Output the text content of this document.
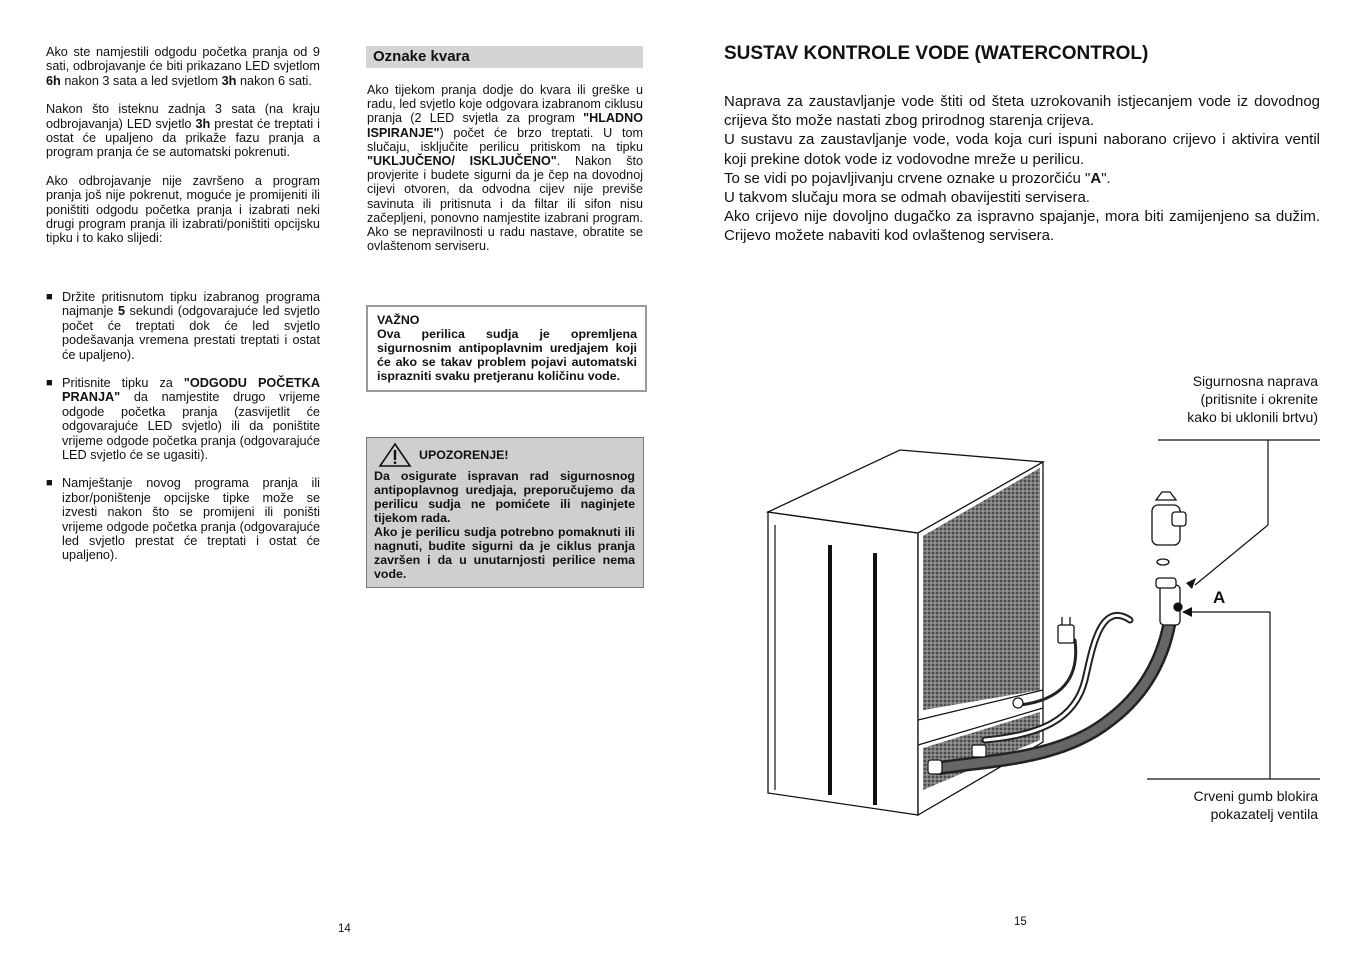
Ako ste namjestili odgodu početka pranja od 9 sati, odbrojavanje će biti prikazano LED svjetlom 6h nakon 3 sata a led svjetlom 3h nakon 6 sati.

Nakon što isteknu zadnja 3 sata (na kraju odbrojavanja) LED svjetlo 3h prestat će treptati i ostat će upaljeno da prikaže fazu pranja a program pranja će se automatski pokrenuti.

Ako odbrojavanje nije završeno a program pranja još nije pokrenut, moguće je promijeniti ili poništiti odgodu početka pranja i izabrati neki drugi program pranja ili izabrati/poništiti opcijsku tipku i to kako slijedi:

■ Držite pritisnutom tipku izabranog programa najmanje 5 sekundi (odgovarajuće led svjetlo počet će treptati dok će led svjetlo podešavanja vremena prestati treptati i ostat će upaljeno).
■ Pritisnite tipku za "ODGODU POČETKA PRANJA" da namjestite drugo vrijeme odgode početka pranja (zasvijetlit će odgovarajuće LED svjetlo) ili da poništite vrijeme odgode početka pranja (odgovarajuće LED svjetlo će se ugasiti).
■ Namještanje novog programa pranja ili izbor/poništenje opcijske tipke može se izvesti nakon što se promijeni ili poništi vrijeme odgode početka pranja (odgovarajuće led svjetlo prestat će treptati i ostat će upaljeno).
Oznake kvara
Ako tijekom pranja dodje do kvara ili greške u radu, led svjetlo koje odgovara izabranom ciklusu pranja (2 LED svjetla za program "HLADNO ISPIRANJE") počet će brzo treptati. U tom slučaju, isključite perilicu pritiskom na tipku "UKLJUČENO/ ISKLJUČENO". Nakon što provjerite i budete sigurni da je čep na dovodnoj cijevi otvoren, da odvodna cijev nije previše savinuta ili pritisnuta i da filtar ili sifon nisu začepljeni, ponovno namjestite izabrani program. Ako se nepravilnosti u radu nastave, obratite se ovlaštenom serviseru.
VAŽNO
Ova perilica sudja je opremljena sigurnosnim antipoplavnim uredjajem koji će ako se takav problem pojavi automatski isprazniti svaku pretjeranu količinu vode.
UPOZORENJE!
Da osigurate ispravan rad sigurnosnog antipoplavnog uredjaja, preporučujemo da perilicu sudja ne pomićete ili naginjete tijekom rada.
Ako je perilicu sudja potrebno pomaknuti ili nagnuti, budite sigurni da je ciklus pranja završen i da u unutarnjosti perilice nema vode.
14
SUSTAV KONTROLE VODE (WATERCONTROL)

Naprava za zaustavljanje vode štiti od šteta uzrokovanih istjecanjem vode iz dovodnog crijeva što može nastati zbog prirodnog starenja crijeva.

U sustavu za zaustavljanje vode, voda koja curi ispuni naborano crijevo i aktivira ventil koji prekine dotok vode iz vodovodne mreže u perilicu.

To se vidi po pojavljivanju crvene oznake u prozorčiću "A".

U takvom slučaju mora se odmah obavijestiti servisera.

Ako crijevo nije dovoljno dugačko za ispravno spajanje, mora biti zamijenjeno sa dužim. Crijevo možete nabaviti kod ovlaštenog servisera.

Sigurnosna naprava
(pritisnite i okrenite
kako bi uklonili brtvu)
Crveni gumb blokira
pokazatelj ventila
A
15
